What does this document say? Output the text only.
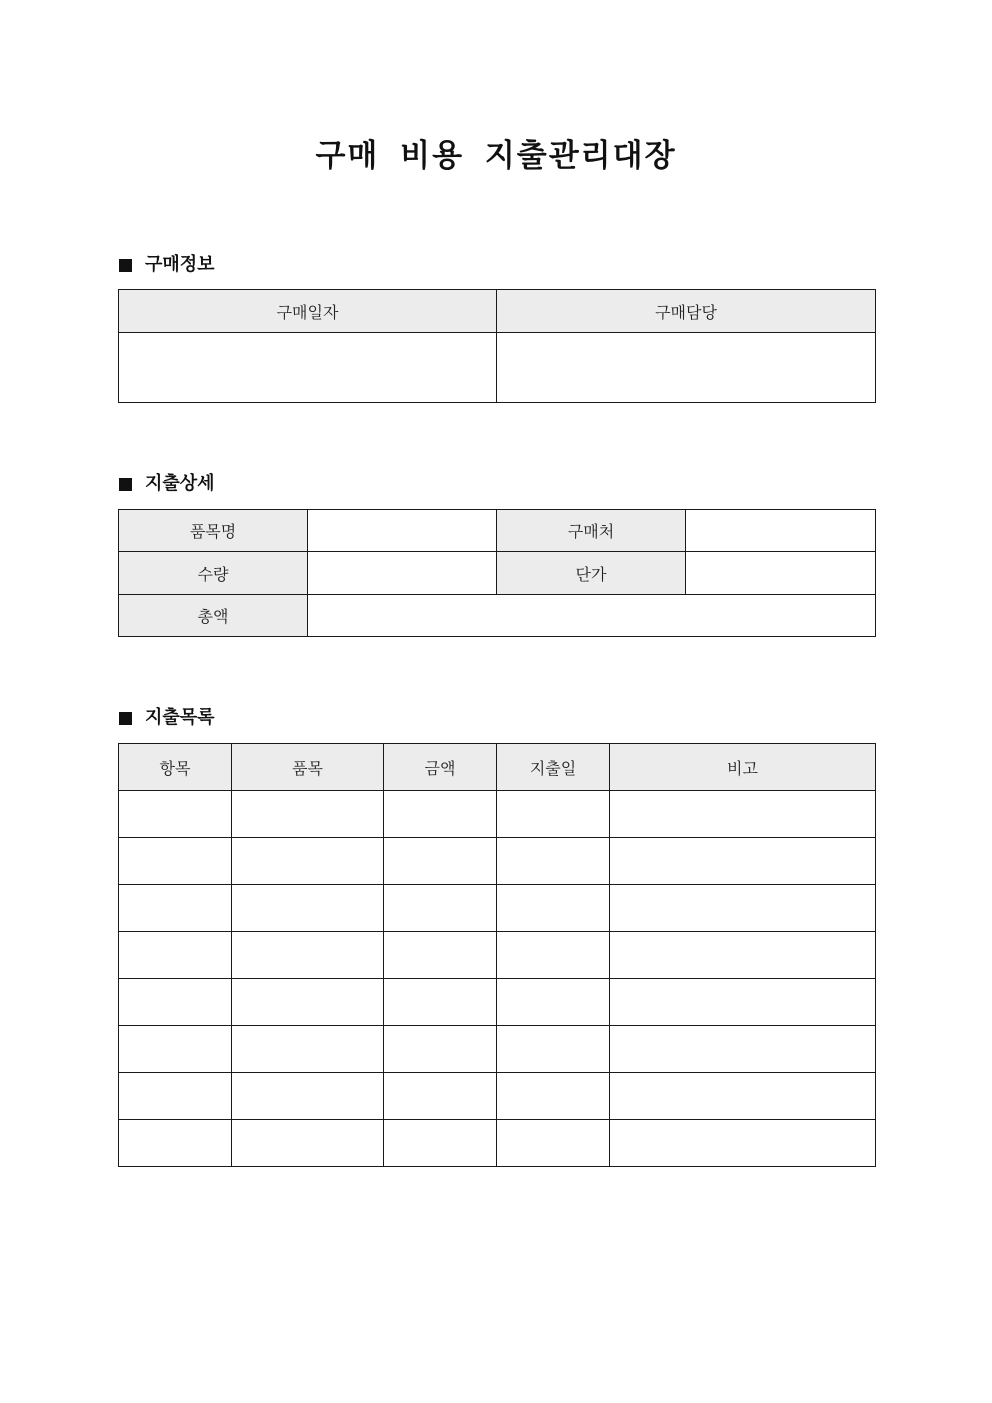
구매 비용 지출관리대장
구매정보
구매일자	구매담당

지출상세
품목명		구매처	
수량		단가	
총액			
지출목록
항목	품목	금액	지출일	비고
